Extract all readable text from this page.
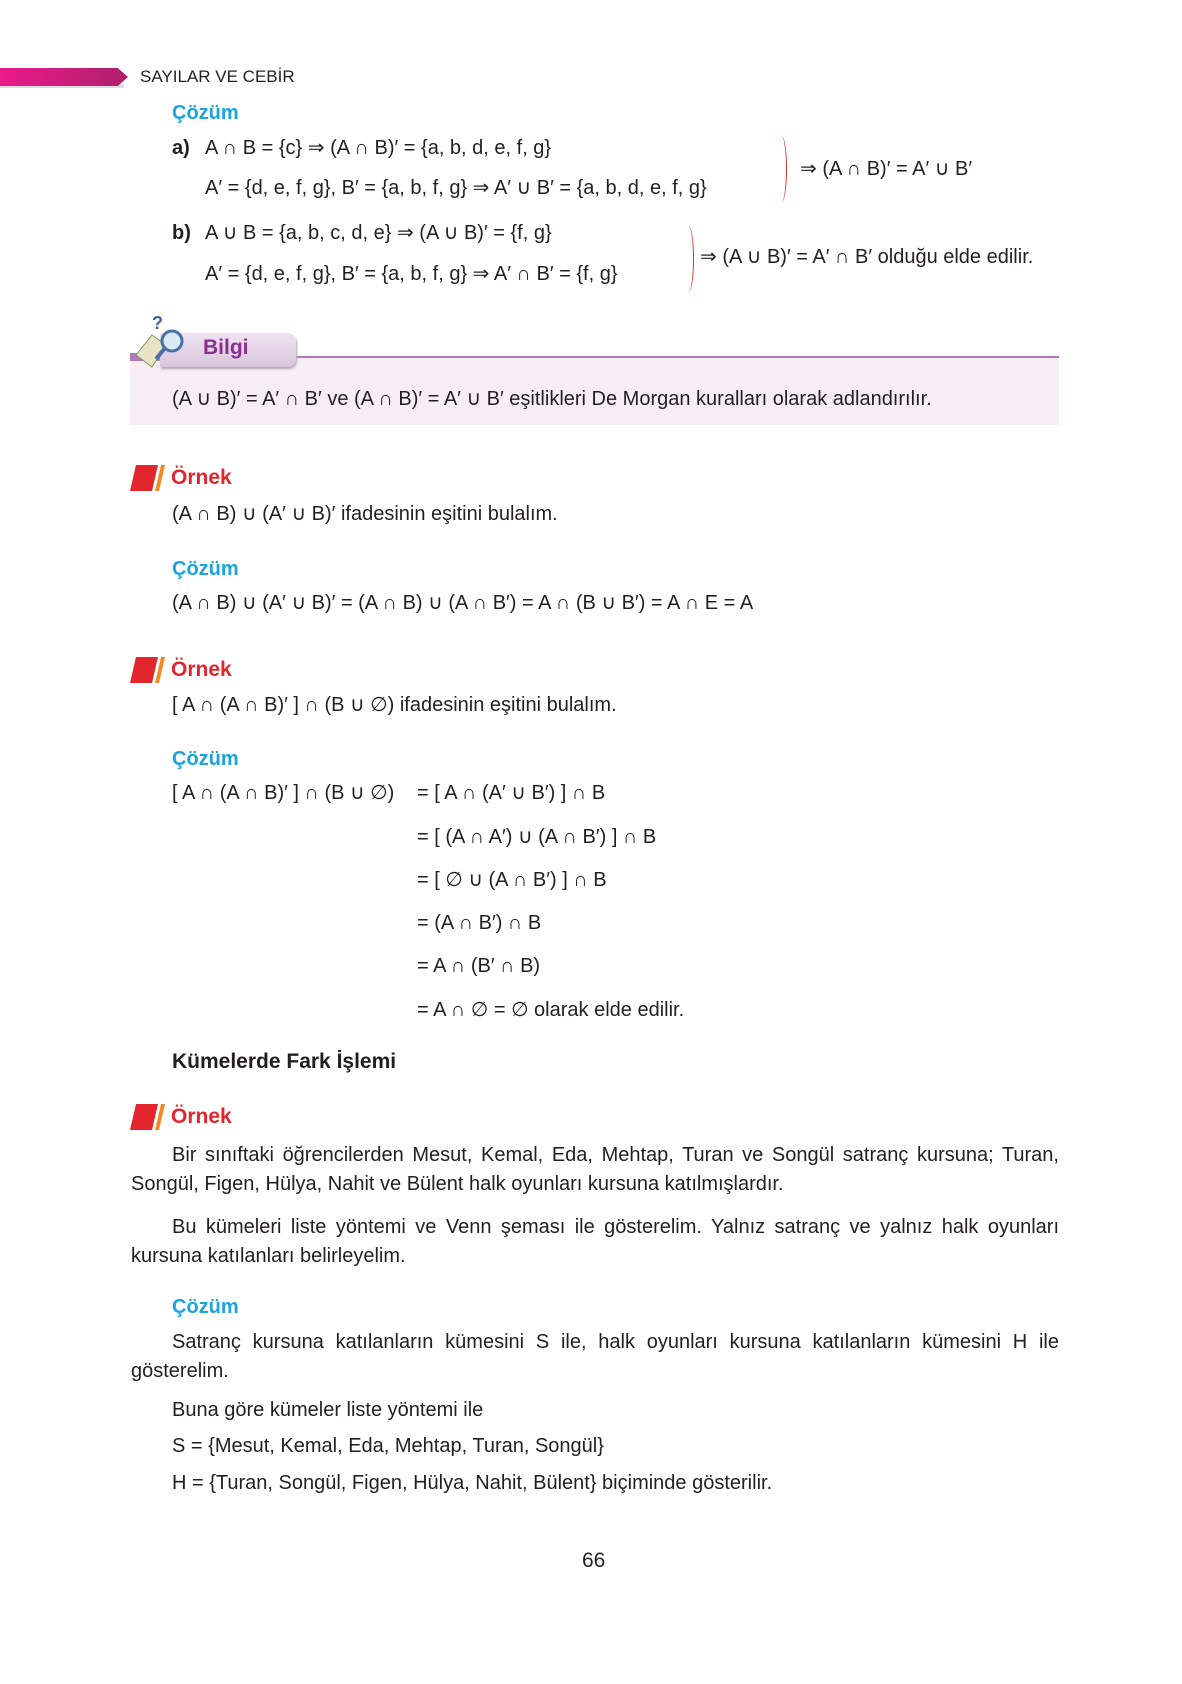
SAYILAR VE CEBİR
Çözüm
a) A ∩ B = {c} ⇒ (A ∩ B)′ = {a, b, d, e, f, g}
A′ = {d, e, f, g}, B′ = {a, b, f, g} ⇒ A′ ∪ B′ = {a, b, d, e, f, g}
⇒ (A ∩ B)′ = A′ ∪ B′
b) A ∪ B = {a, b, c, d, e} ⇒ (A ∪ B)′ = {f, g}
A′ = {d, e, f, g}, B′ = {a, b, f, g} ⇒ A′ ∩ B′ = {f, g}
⇒ (A ∪ B)′ = A′ ∩ B′ olduğu elde edilir.
?
Bilgi
(A ∪ B)′ = A′ ∩ B′ ve (A ∩ B)′ = A′ ∪ B′ eşitlikleri De Morgan kuralları olarak adlandırılır.
Örnek
(A ∩ B) ∪ (A′ ∪ B)′ ifadesinin eşitini bulalım.
Çözüm
(A ∩ B) ∪ (A′ ∪ B)′ = (A ∩ B) ∪ (A ∩ B′) = A ∩ (B ∪ B′) = A ∩ E = A
Örnek
[ A ∩ (A ∩ B)′ ] ∩ (B ∪ ∅) ifadesinin eşitini bulalım.
Çözüm
[ A ∩ (A ∩ B)′ ] ∩ (B ∪ ∅) = [ A ∩ (A′ ∪ B′) ] ∩ B
= [ (A ∩ A′) ∪ (A ∩ B′) ] ∩ B
= [ ∅ ∪ (A ∩ B′) ] ∩ B
= (A ∩ B′) ∩ B
= A ∩ (B′ ∩ B)
= A ∩ ∅ = ∅ olarak elde edilir.
Kümelerde Fark İşlemi
Örnek
Bir sınıftaki öğrencilerden Mesut, Kemal, Eda, Mehtap, Turan ve Songül satranç kursuna; Turan, Songül, Figen, Hülya, Nahit ve Bülent halk oyunları kursuna katılmışlardır.
Bu kümeleri liste yöntemi ve Venn şeması ile gösterelim. Yalnız satranç ve yalnız halk oyunları kursuna katılanları belirleyelim.
Çözüm
Satranç kursuna katılanların kümesini S ile, halk oyunları kursuna katılanların kümesini H ile gösterelim.
Buna göre kümeler liste yöntemi ile
S = {Mesut, Kemal, Eda, Mehtap, Turan, Songül}
H = {Turan, Songül, Figen, Hülya, Nahit, Bülent} biçiminde gösterilir.
66
